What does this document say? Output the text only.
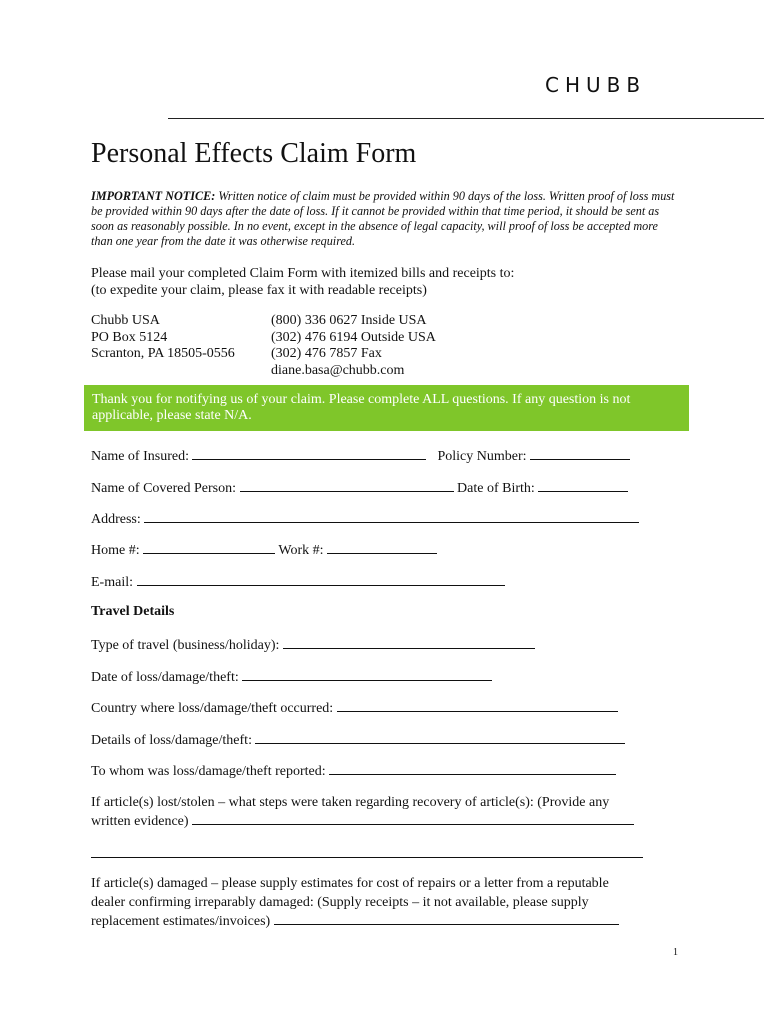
CHUBB
Personal Effects Claim Form
IMPORTANT NOTICE: Written notice of claim must be provided within 90 days of the loss. Written proof of loss must be provided within 90 days after the date of loss. If it cannot be provided within that time period, it should be sent as soon as reasonably possible. In no event, except in the absence of legal capacity, will proof of loss be accepted more than one year from the date it was otherwise required.
Please mail your completed Claim Form with itemized bills and receipts to:
(to expedite your claim, please fax it with readable receipts)
Chubb USA
PO Box 5124
Scranton, PA 18505-0556
(800) 336 0627 Inside USA
(302) 476 6194 Outside USA
(302) 476 7857 Fax
diane.basa@chubb.com
Thank you for notifying us of your claim. Please complete ALL questions. If any question is not applicable, please state N/A.
Name of Insured:	Policy Number:
Name of Covered Person:	Date of Birth:
Address:
Home #:	Work #:
E-mail:
Travel Details
Type of travel (business/holiday):
Date of loss/damage/theft:
Country where loss/damage/theft occurred:
Details of loss/damage/theft:
To whom was loss/damage/theft reported:
If article(s) lost/stolen – what steps were taken regarding recovery of article(s): (Provide any
written evidence)
If article(s) damaged – please supply estimates for cost of repairs or a letter from a reputable
dealer confirming irreparably damaged: (Supply receipts – it not available, please supply
replacement estimates/invoices)
1
